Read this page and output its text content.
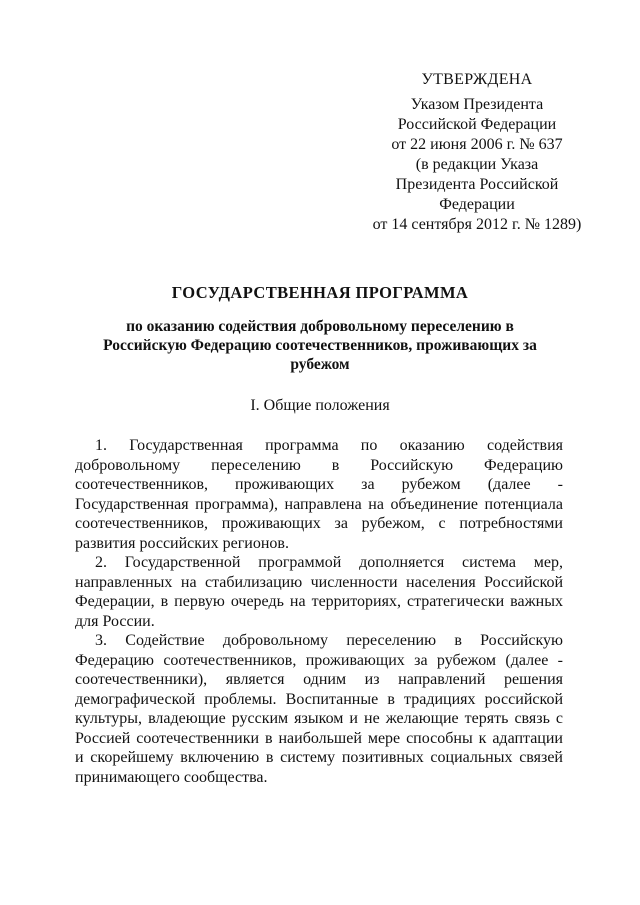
УТВЕРЖДЕНА
Указом Президента
Российской Федерации
от 22 июня 2006 г. № 637
(в редакции Указа
Президента Российской
Федерации
от 14 сентября 2012 г. № 1289)
ГОСУДАРСТВЕННАЯ ПРОГРАММА
по оказанию содействия добровольному переселению в
Российскую Федерацию соотечественников, проживающих за
рубежом
I. Общие положения
1. Государственная программа по оказанию содействия
добровольному переселению в Российскую Федерацию
соотечественников, проживающих за рубежом (далее -
Государственная программа), направлена на объединение потенциала
соотечественников, проживающих за рубежом, с потребностями
развития российских регионов.
2. Государственной программой дополняется система мер,
направленных на стабилизацию численности населения Российской
Федерации, в первую очередь на территориях, стратегически важных
для России.
3. Содействие добровольному переселению в Российскую
Федерацию соотечественников, проживающих за рубежом (далее -
соотечественники), является одним из направлений решения
демографической проблемы. Воспитанные в традициях российской
культуры, владеющие русским языком и не желающие терять связь с
Россией соотечественники в наибольшей мере способны к адаптации
и скорейшему включению в систему позитивных социальных связей
принимающего сообщества.
